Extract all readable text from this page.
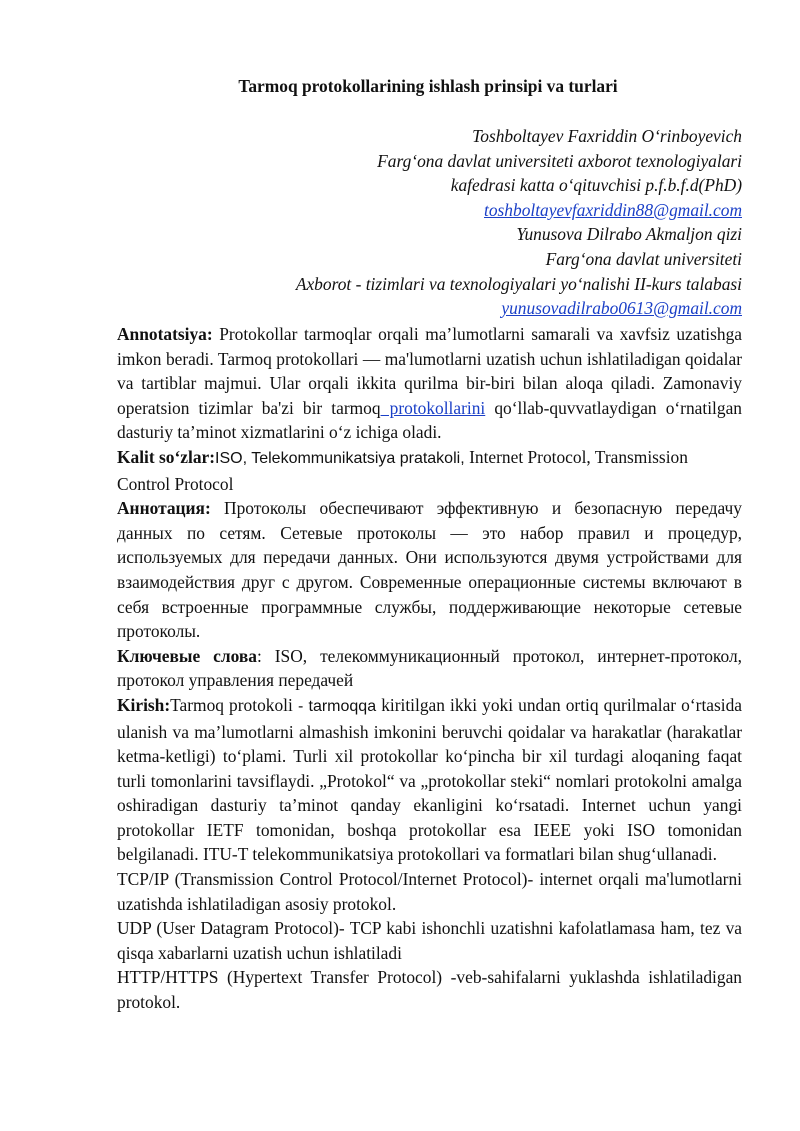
Tarmoq protokollarining ishlash prinsipi va turlari
Toshboltayev Faxriddin O‘rinboyevich
Farg‘ona davlat universiteti axborot texnologiyalari
kafedrasi katta o‘qituvchisi p.f.b.f.d(PhD)
toshboltayevfaxriddin88@gmail.com
Yunusova Dilrabo Akmaljon qizi
Farg‘ona davlat universiteti
Axborot - tizimlari va texnologiyalari yo‘nalishi II-kurs talabasi
yunusovadilrabo0613@gmail.com

Annotatsiya: Protokollar tarmoqlar orqali ma’lumotlarni samarali va xavfsiz uzatishga imkon beradi. Tarmoq protokollari — ma'lumotlarni uzatish uchun ishlatiladigan qoidalar va tartiblar majmui. Ular orqali ikkita qurilma bir-biri bilan aloqa qiladi. Zamonaviy operatsion tizimlar ba'zi bir tarmoq protokollarini qo‘llab-quvvatlaydigan o‘rnatilgan dasturiy ta’minot xizmatlarini o‘z ichiga oladi.

Kalit so‘zlar:ISO, Telekommunikatsiya pratakoli, Internet Protocol, Transmission Control Protocol

Аннотация: Протоколы обеспечивают эффективную и безопасную передачу данных по сетям. Сетевые протоколы — это набор правил и процедур, используемых для передачи данных. Они используются двумя устройствами для взаимодействия друг с другом. Современные операционные системы включают в себя встроенные программные службы, поддерживающие некоторые сетевые протоколы.

Ключевые слова: ISO, телекоммуникационный протокол, интернет-протокол, протокол управления передачей

Kirish:Tarmoq protokoli - tarmoqqa kiritilgan ikki yoki undan ortiq qurilmalar o‘rtasida ulanish va ma’lumotlarni almashish imkonini beruvchi qoidalar va harakatlar (harakatlar ketma-ketligi) to‘plami. Turli xil protokollar ko‘pincha bir xil turdagi aloqaning faqat turli tomonlarini tavsiflaydi. „Protokol“ va „protokollar steki“ nomlari protokolni amalga oshiradigan dasturiy ta’minot qanday ekanligini ko‘rsatadi. Internet uchun yangi protokollar IETF tomonidan, boshqa protokollar esa IEEE yoki ISO tomonidan belgilanadi. ITU-T telekommunikatsiya protokollari va formatlari bilan shug‘ullanadi.

TCP/IP (Transmission Control Protocol/Internet Protocol)- internet orqali ma'lumotlarni uzatishda ishlatiladigan asosiy protokol.

UDP (User Datagram Protocol)- TCP kabi ishonchli uzatishni kafolatlamasa ham, tez va qisqa xabarlarni uzatish uchun ishlatiladi

HTTP/HTTPS (Hypertext Transfer Protocol) -veb-sahifalarni yuklashda ishlatiladigan protokol.
